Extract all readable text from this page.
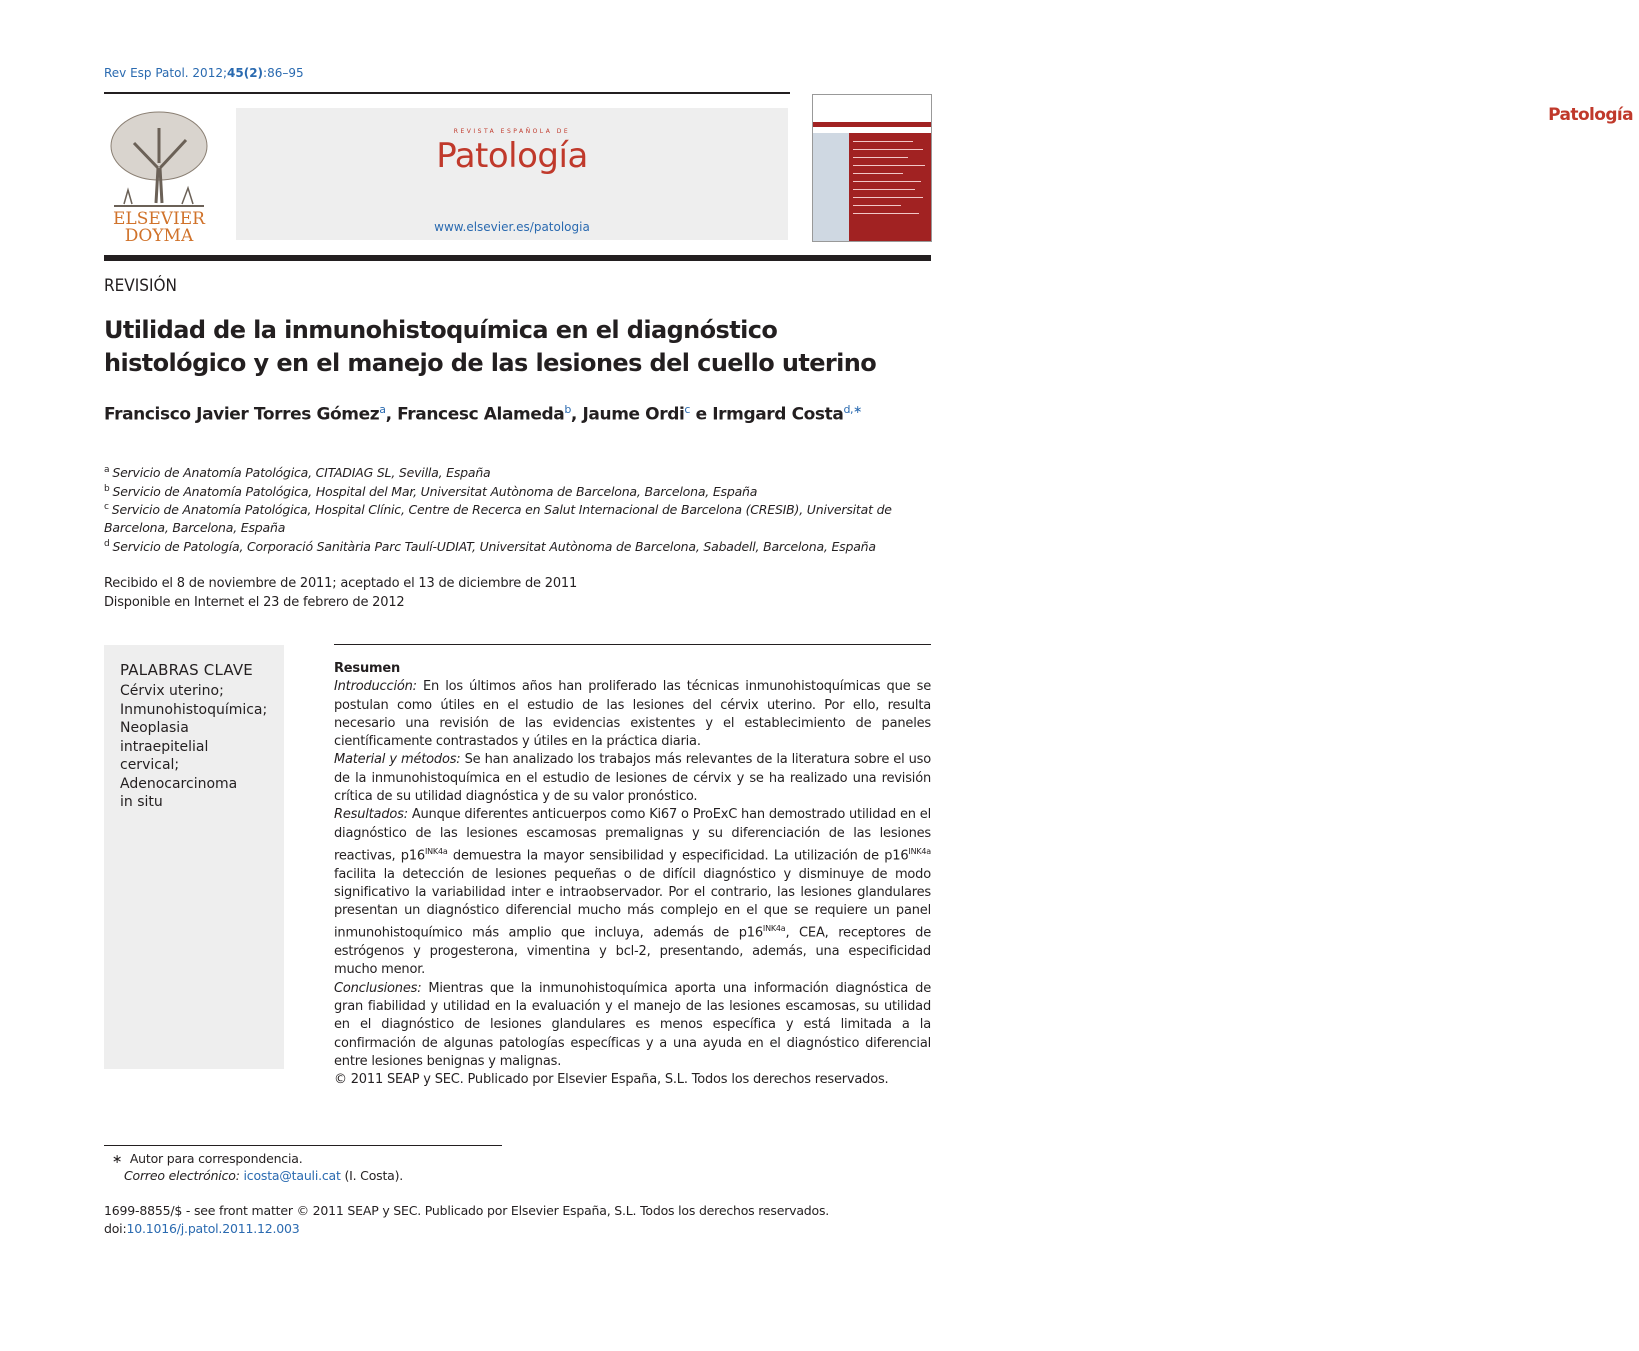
Rev Esp Patol. 2012;45(2):86–95
ELSEVIER
DOYMA
REVISTA ESPAÑOLA DE
Patología
www.elsevier.es/patologia
Patología
REVISIÓN
Utilidad de la inmunohistoquímica en el diagnóstico histológico y en el manejo de las lesiones del cuello uterino
Francisco Javier Torres Gómez$^a$, Francesc Alameda$^b$, Jaume Ordi$^c$ e Irmgard Costa$^{d,∗}$
$^a$ Servicio de Anatomía Patológica, CITADIAG SL, Sevilla, España
$^b$ Servicio de Anatomía Patológica, Hospital del Mar, Universitat Autònoma de Barcelona, Barcelona, España
$^c$ Servicio de Anatomía Patológica, Hospital Clínic, Centre de Recerca en Salut Internacional de Barcelona (CRESIB), Universitat de Barcelona, Barcelona, España
$^d$ Servicio de Patología, Corporació Sanitària Parc Taulí-UDIAT, Universitat Autònoma de Barcelona, Sabadell, Barcelona, España
Recibido el 8 de noviembre de 2011; aceptado el 13 de diciembre de 2011
Disponible en Internet el 23 de febrero de 2012
PALABRAS CLAVE
Cérvix uterino;
Inmunohistoquímica;
Neoplasia
intraepitelial
cervical;
Adenocarcinoma
in situ

Resumen

Introducción: En los últimos años han proliferado las técnicas inmunohistoquímicas que se postulan como útiles en el estudio de las lesiones del cérvix uterino. Por ello, resulta necesario una revisión de las evidencias existentes y el establecimiento de paneles científicamente contrastados y útiles en la práctica diaria.

Material y métodos: Se han analizado los trabajos más relevantes de la literatura sobre el uso de la inmunohistoquímica en el estudio de lesiones de cérvix y se ha realizado una revisión crítica de su utilidad diagnóstica y de su valor pronóstico.

Resultados: Aunque diferentes anticuerpos como Ki67 o ProExC han demostrado utilidad en el diagnóstico de las lesiones escamosas premalignas y su diferenciación de las lesiones reactivas, $p16^{INK4a}$ demuestra la mayor sensibilidad y especificidad. La utilización de $p16^{INK4a}$ facilita la detección de lesiones pequeñas o de difícil diagnóstico y disminuye de modo significativo la variabilidad inter e intraobservador. Por el contrario, las lesiones glandulares presentan un diagnóstico diferencial mucho más complejo en el que se requiere un panel inmunohistoquímico más amplio que incluya, además de $p16^{INK4a}$, CEA, receptores de estrógenos y progesterona, vimentina y bcl-2, presentando, además, una especificidad mucho menor.

Conclusiones: Mientras que la inmunohistoquímica aporta una información diagnóstica de gran fiabilidad y utilidad en la evaluación y el manejo de las lesiones escamosas, su utilidad en el diagnóstico de lesiones glandulares es menos específica y está limitada a la confirmación de algunas patologías específicas y a una ayuda en el diagnóstico diferencial entre lesiones benignas y malignas.

© 2011 SEAP y SEC. Publicado por Elsevier España, S.L. Todos los derechos reservados.

∗ Autor para correspondencia.
Correo electrónico: icosta@tauli.cat (I. Costa).
1699-8855/$ - see front matter © 2011 SEAP y SEC. Publicado por Elsevier España, S.L. Todos los derechos reservados.
doi:10.1016/j.patol.2011.12.003
